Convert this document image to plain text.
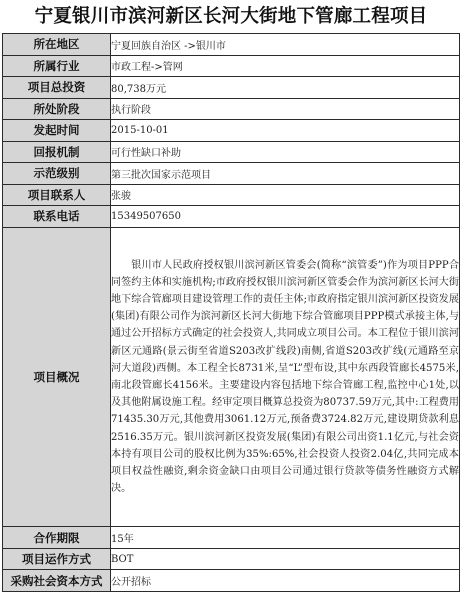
宁夏银川市滨河新区长河大街地下管廊工程项目
所在地区	宁夏回族自治区 ->银川市
所属行业	市政工程->管网
项目总投资	80,738万元
所处阶段	执行阶段
发起时间	2015-10-01
回报机制	可行性缺口补助
示范级别	第三批次国家示范项目
项目联系人	张骏
联系电话	15349507650
项目概况	银川市人民政府授权银川滨河新区管委会(简称“滨管委”)作为项目PPP合同签约主体和实施机构;市政府授权银川滨河新区管委会作为滨河新区长河大街地下综合管廊项目建设管理工作的责任主体;市政府指定银川滨河新区投资发展(集团)有限公司作为滨河新区长河大街地下综合管廊项目PPP模式承接主体,与通过公开招标方式确定的社会投资人,共同成立项目公司。本工程位于银川滨河新区元通路(景云街至省道S203改扩线段)南侧,省道S203改扩线(元通路至京河大道段)西侧。本工程全长8731米,呈“L”型布设,其中东西段管廊长4575米,南北段管廊长4156米。主要建设内容包括地下综合管廊工程,监控中心1处,以及其他附属设施工程。经审定项目概算总投资为80737.59万元,其中:工程费用71435.30万元,其他费用3061.12万元,预备费3724.82万元,建设期贷款利息2516.35万元。银川滨河新区投资发展(集团)有限公司出资1.1亿元,与社会资本持有项目公司的股权比例为35%:65%,社会投资人投资2.04亿,共同完成本项目权益性融资,剩余资金缺口由项目公司通过银行贷款等债务性融资方式解决。
合作期限	15年
项目运作方式	BOT
采购社会资本方式	公开招标
